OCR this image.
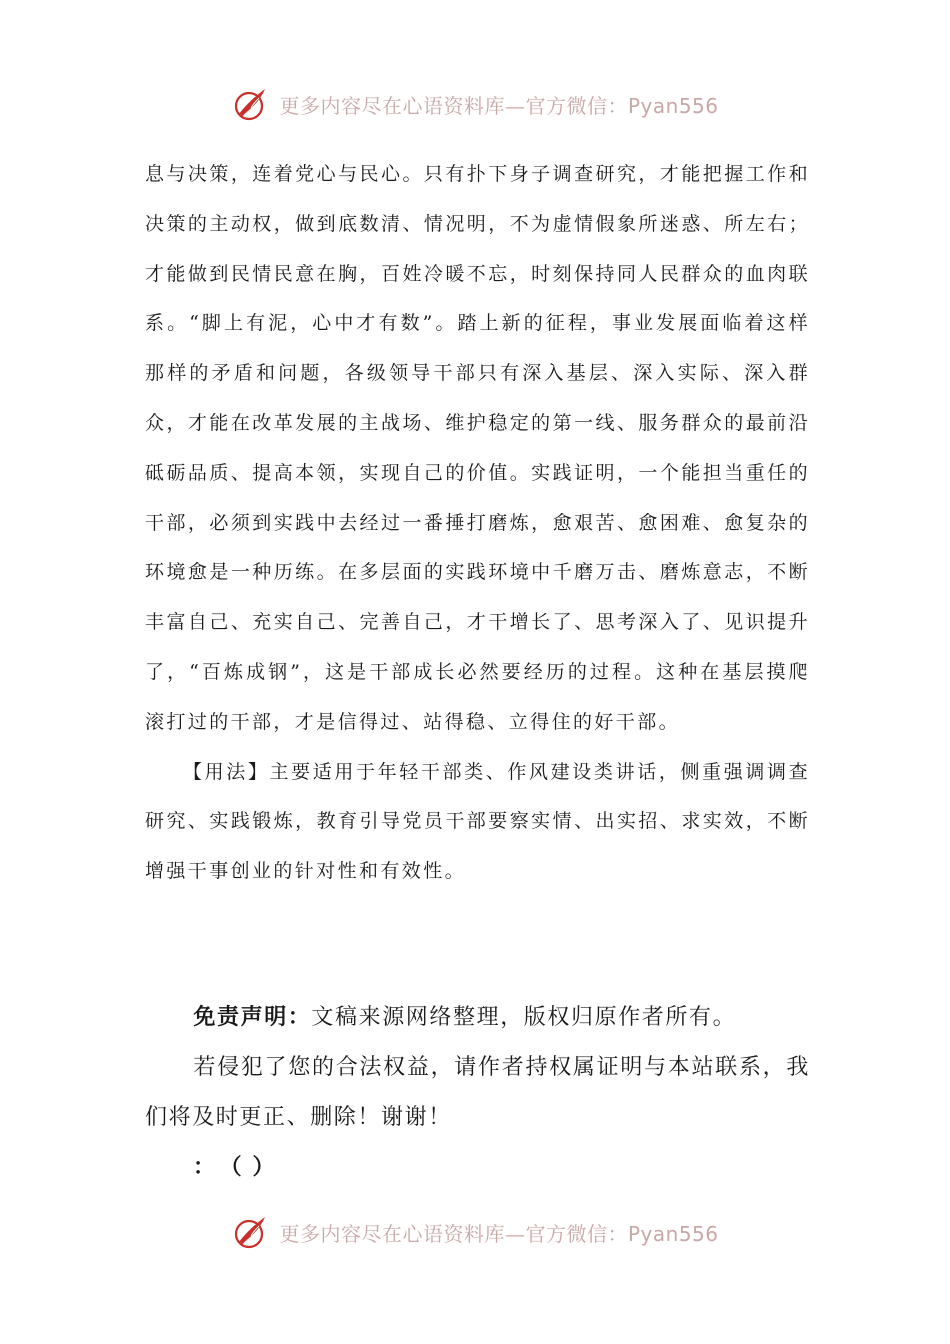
更多内容尽在心语资料库—官方微信：Pyan556

息与决策，连着党心与民心。只有扑下身子调查研究，才能把握工作和决策的主动权，做到底数清、情况明，不为虚情假象所迷惑、所左右；才能做到民情民意在胸，百姓冷暖不忘，时刻保持同人民群众的血肉联系。“脚上有泥，心中才有数”。踏上新的征程，事业发展面临着这样那样的矛盾和问题，各级领导干部只有深入基层、深入实际、深入群众，才能在改革发展的主战场、维护稳定的第一线、服务群众的最前沿砥砺品质、提高本领，实现自己的价值。实践证明，一个能担当重任的干部，必须到实践中去经过一番捶打磨炼，愈艰苦、愈困难、愈复杂的环境愈是一种历练。在多层面的实践环境中千磨万击、磨炼意志，不断丰富自己、充实自己、完善自己，才干增长了、思考深入了、见识提升了，“百炼成钢”，这是干部成长必然要经历的过程。这种在基层摸爬滚打过的干部，才是信得过、站得稳、立得住的好干部。

【用法】主要适用于年轻干部类、作风建设类讲话，侧重强调调查研究、实践锻炼，教育引导党员干部要察实情、出实招、求实效，不断增强干事创业的针对性和有效性。

免责声明：文稿来源网络整理，版权归原作者所有。

若侵犯了您的合法权益，请作者持权属证明与本站联系，我们将及时更正、删除！谢谢！

： （ ）

更多内容尽在心语资料库—官方微信：Pyan556
